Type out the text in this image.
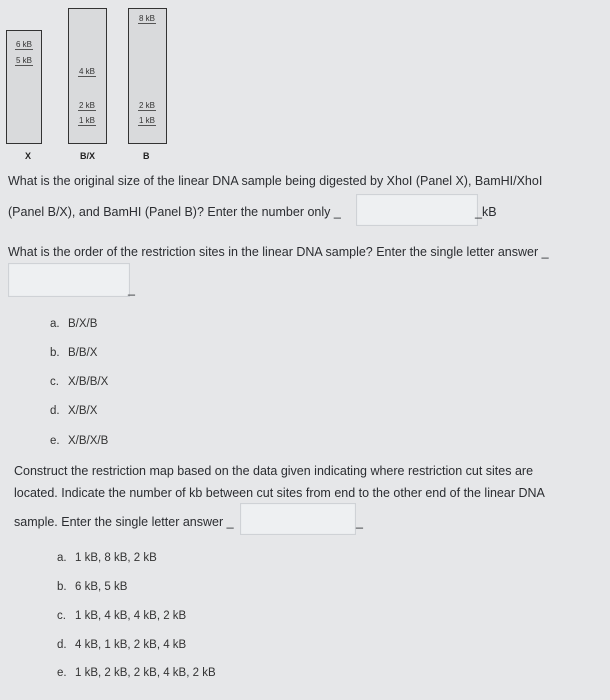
6 kB
5 kB
X
4 kB
2 kB
1 kB
B/X
8 kB
2 kB
1 kB
B
What is the original size of the linear DNA sample being digested by XhoI (Panel X), BamHI/XhoI
(Panel B/X), and BamHI (Panel B)? Enter the number only _	_kB
What is the order of the restriction sites in the linear DNA sample? Enter the single letter answer _
_
a. B/X/B
b. B/B/X
c. X/B/B/X
d. X/B/X
e. X/B/X/B
Construct the restriction map based on the data given indicating where restriction cut sites are
located. Indicate the number of kb between cut sites from end to the other end of the linear DNA
sample. Enter the single letter answer _	_
a. 1 kB, 8 kB, 2 kB
b. 6 kB, 5 kB
c. 1 kB, 4 kB, 4 kB, 2 kB
d. 4 kB, 1 kB, 2 kB, 4 kB
e. 1 kB, 2 kB, 2 kB, 4 kB, 2 kB
